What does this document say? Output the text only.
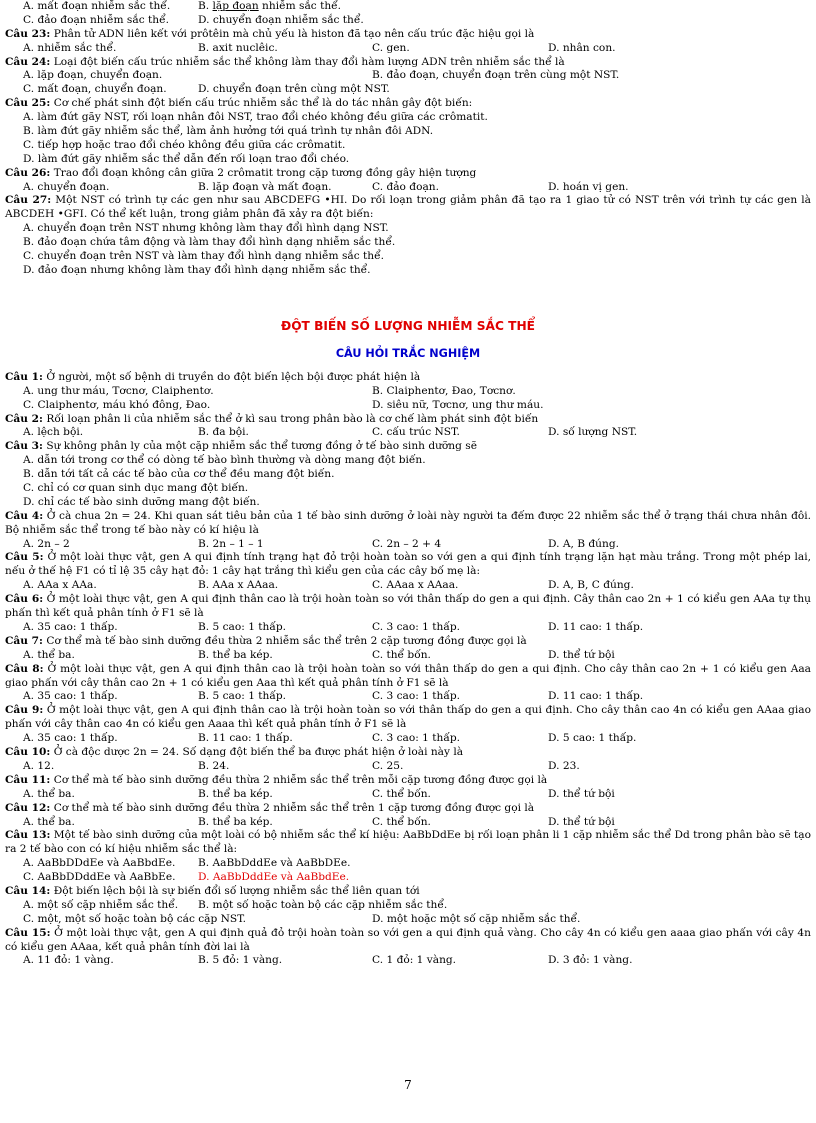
A. mất đoạn nhiễm sắc thể.	B. lặp đoạn nhiễm sắc thể.
C. đảo đoạn nhiễm sắc thể.	D. chuyển đoạn nhiễm sắc thể.
Câu 23: Phân tử ADN liên kết với prôtêin mà chủ yếu là histon đã tạo nên cấu trúc đặc hiệu gọi là
A. nhiễm sắc thể.	B. axit nuclêic.	C. gen.	D. nhân con.
Câu 24: Loại đột biến cấu trúc nhiễm sắc thể không làm thay đổi hàm lượng ADN trên nhiễm sắc thể là
A. lặp đoạn, chuyển đoạn.	B. đảo đoạn, chuyển đoạn trên cùng một NST.
C. mất đoạn, chuyển đoạn.	D. chuyển đoạn trên cùng một NST.
Câu 25: Cơ chế phát sinh đột biến cấu trúc nhiễm sắc thể là do tác nhân gây đột biến:
A. làm đứt gãy NST, rối loạn nhân đôi NST, trao đổi chéo không đều giữa các crômatit.
B. làm đứt gãy nhiễm sắc thể, làm ảnh hưởng tới quá trình tự nhân đôi ADN.
C. tiếp hợp hoặc trao đổi chéo không đều giữa các crômatit.
D. làm đứt gãy nhiễm sắc thể dẫn đến rối loạn trao đổi chéo.
Câu 26: Trao đổi đoạn không cân giữa 2 crômatit trong cặp tương đồng gây hiện tượng
A. chuyển đoạn.	B. lặp đoạn và mất đoạn.	C. đảo đoạn.	D. hoán vị gen.
Câu 27: Một NST có trình tự các gen như sau ABCDEFG •HI. Do rối loạn trong giảm phân đã tạo ra 1 giao tử có NST trên với trình tự các gen là ABCDEH •GFI. Có thể kết luận, trong giảm phân đã xảy ra đột biến:
A. chuyển đoạn trên NST nhưng không làm thay đổi hình dạng NST.
B. đảo đoạn chứa tâm động và làm thay đổi hình dạng nhiễm sắc thể.
C. chuyển đoạn trên NST và làm thay đổi hình dạng nhiễm sắc thể.
D. đảo đoạn nhưng không làm thay đổi hình dạng nhiễm sắc thể.
ĐỘT BIẾN SỐ LƯỢNG NHIỄM SẮC THỂ
CÂU HỎI TRẮC NGHIỆM
Câu 1: Ở người, một số bệnh di truyền do đột biến lệch bội được phát hiện là
A. ung thư máu, Tơcnơ, Claiphentơ.	B. Claiphentơ, Đao, Tơcnơ.
C. Claiphentơ, máu khó đông, Đao.	D. siêu nữ, Tơcnơ, ung thư máu.
Câu 2: Rối loạn phân li của nhiễm sắc thể ở kì sau trong phân bào là cơ chế làm phát sinh đột biến
A. lệch bội.	B. đa bội.	C. cấu trúc NST.	D. số lượng NST.
Câu 3: Sự không phân ly của một cặp nhiễm sắc thể tương đồng ở tế bào sinh dưỡng sẽ
A. dẫn tới trong cơ thể có dòng tế bào bình thường và dòng mang đột biến.
B. dẫn tới tất cả các tế bào của cơ thể đều mang đột biến.
C. chỉ có cơ quan sinh dục mang đột biến.
D. chỉ các tế bào sinh dưỡng mang đột biến.
Câu 4: Ở cà chua 2n = 24. Khi quan sát tiêu bản của 1 tế bào sinh dưỡng ở loài này người ta đếm được 22 nhiễm sắc thể ở trạng thái chưa nhân đôi. Bộ nhiễm sắc thể trong tế bào này có kí hiệu là
A. 2n – 2	B. 2n – 1 – 1	C. 2n – 2 + 4	D. A, B đúng.
Câu 5: Ở một loài thực vật, gen A qui định tính trạng hạt đỏ trội hoàn toàn so với gen a qui định tính trạng lặn hạt màu trắng. Trong một phép lai, nếu ở thế hệ F1 có tỉ lệ 35 cây hạt đỏ: 1 cây hạt trắng thì kiểu gen của các cây bố mẹ là:
A. AAa x AAa.	B. AAa x AAaa.	C. AAaa x AAaa.	D. A, B, C đúng.
Câu 6: Ở một loài thực vật, gen A qui định thân cao là trội hoàn toàn so với thân thấp do gen a qui định. Cây thân cao 2n + 1 có kiểu gen AAa tự thụ phấn thì kết quả phân tính ở F1 sẽ là
A. 35 cao: 1 thấp.	B. 5 cao: 1 thấp.	C. 3 cao: 1 thấp.	D. 11 cao: 1 thấp.
Câu 7: Cơ thể mà tế bào sinh dưỡng đều thừa 2 nhiễm sắc thể trên 2 cặp tương đồng được gọi là
A. thể ba.	B. thể ba kép.	C. thể bốn.	D. thể tứ bội
Câu 8: Ở một loài thực vật, gen A qui định thân cao là trội hoàn toàn so với thân thấp do gen a qui định. Cho cây thân cao 2n + 1 có kiểu gen Aaa giao phấn với cây thân cao 2n + 1 có kiểu gen Aaa thì kết quả phân tính ở F1 sẽ là
A. 35 cao: 1 thấp.	B. 5 cao: 1 thấp.	C. 3 cao: 1 thấp.	D. 11 cao: 1 thấp.
Câu 9: Ở một loài thực vật, gen A qui định thân cao là trội hoàn toàn so với thân thấp do gen a qui định. Cho cây thân cao 4n có kiểu gen AAaa giao phấn với cây thân cao 4n có kiểu gen Aaaa thì kết quả phân tính ở F1 sẽ là
A. 35 cao: 1 thấp.	B. 11 cao: 1 thấp.	C. 3 cao: 1 thấp.	D. 5 cao: 1 thấp.
Câu 10: Ở cà độc dược 2n = 24. Số dạng đột biến thể ba được phát hiện ở loài này là
A. 12.	B. 24.	C. 25.	D. 23.
Câu 11: Cơ thể mà tế bào sinh dưỡng đều thừa 2 nhiễm sắc thể trên mỗi cặp tương đồng được gọi là
A. thể ba.	B. thể ba kép.	C. thể bốn.	D. thể tứ bội
Câu 12: Cơ thể mà tế bào sinh dưỡng đều thừa 2 nhiễm sắc thể trên 1 cặp tương đồng được gọi là
A. thể ba.	B. thể ba kép.	C. thể bốn.	D. thể tứ bội
Câu 13: Một tế bào sinh dưỡng của một loài có bộ nhiễm sắc thể kí hiệu: AaBbDdEe bị rối loạn phân li 1 cặp nhiễm sắc thể Dd trong phân bào sẽ tạo ra 2 tế bào con có kí hiệu nhiễm sắc thể là:
A. AaBbDDdEe và AaBbdEe. B. AaBbDddEe và AaBbDEe.
C. AaBbDDddEe và AaBbEe. D. AaBbDddEe và AaBbdEe.
Câu 14: Đột biến lệch bội là sự biến đổi số lượng nhiễm sắc thể liên quan tới
A. một số cặp nhiễm sắc thể. B. một số hoặc toàn bộ các cặp nhiễm sắc thể.
C. một, một số hoặc toàn bộ các cặp NST.	D. một hoặc một số cặp nhiễm sắc thể.
Câu 15: Ở một loài thực vật, gen A qui định quả đỏ trội hoàn toàn so với gen a qui định quả vàng. Cho cây 4n có kiểu gen aaaa giao phấn với cây 4n có kiểu gen AAaa, kết quả phân tính đời lai là
A. 11 đỏ: 1 vàng.	B. 5 đỏ: 1 vàng.	C. 1 đỏ: 1 vàng.	D. 3 đỏ: 1 vàng.
7
